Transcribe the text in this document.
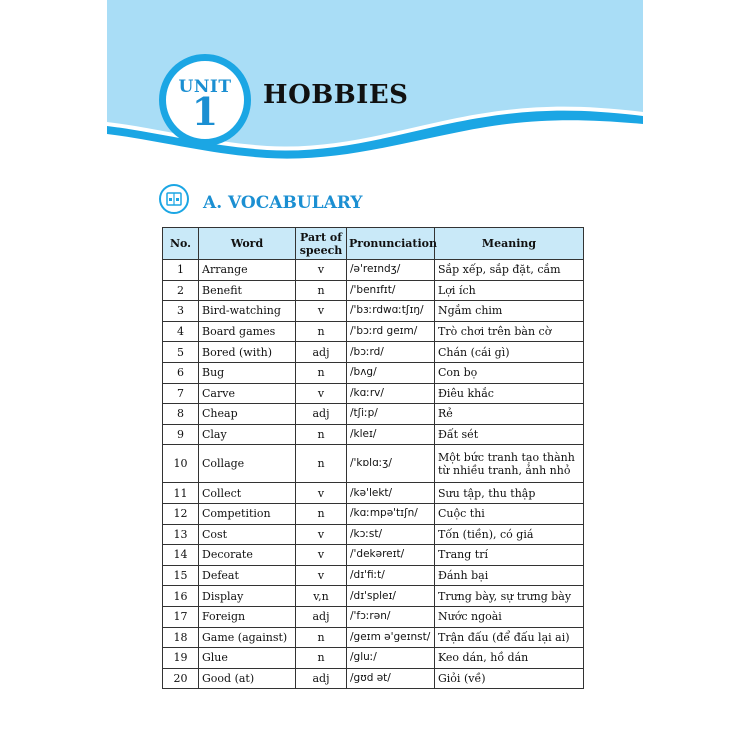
UNIT
1	HOBBIES
A. VOCABULARY
No.	Word	Part of speech	Pronunciation	Meaning
1	Arrange	v	/ə'reɪndʒ/	Sắp xếp, sắp đặt, cắm
2	Benefit	n	/'benɪfɪt/	Lợi ích
3	Bird-watching	v	/'bɜːrdwɑːtʃɪŋ/	Ngắm chim
4	Board games	n	/'bɔːrd geɪm/	Trò chơi trên bàn cờ
5	Bored (with)	adj	/bɔːrd/	Chán (cái gì)
6	Bug	n	/bʌg/	Con bọ
7	Carve	v	/kɑːrv/	Điêu khắc
8	Cheap	adj	/tʃiːp/	Rẻ
9	Clay	n	/kleɪ/	Đất sét
10	Collage	n	/'kɒlɑːʒ/	Một bức tranh tạo thành từ nhiều tranh, ảnh nhỏ
11	Collect	v	/kə'lekt/	Sưu tập, thu thập
12	Competition	n	/kɑːmpə'tɪʃn/	Cuộc thi
13	Cost	v	/kɔːst/	Tốn (tiền), có giá
14	Decorate	v	/'dekəreɪt/	Trang trí
15	Defeat	v	/dɪ'fiːt/	Đánh bại
16	Display	v,n	/dɪ'spleɪ/	Trưng bày, sự trưng bày
17	Foreign	adj	/'fɔːrən/	Nước ngoài
18	Game (against)	n	/geɪm ə'geɪnst/	Trận đấu (để đấu lại ai)
19	Glue	n	/gluː/	Keo dán, hồ dán
20	Good (at)	adj	/gʊd ət/	Giỏi (về)
